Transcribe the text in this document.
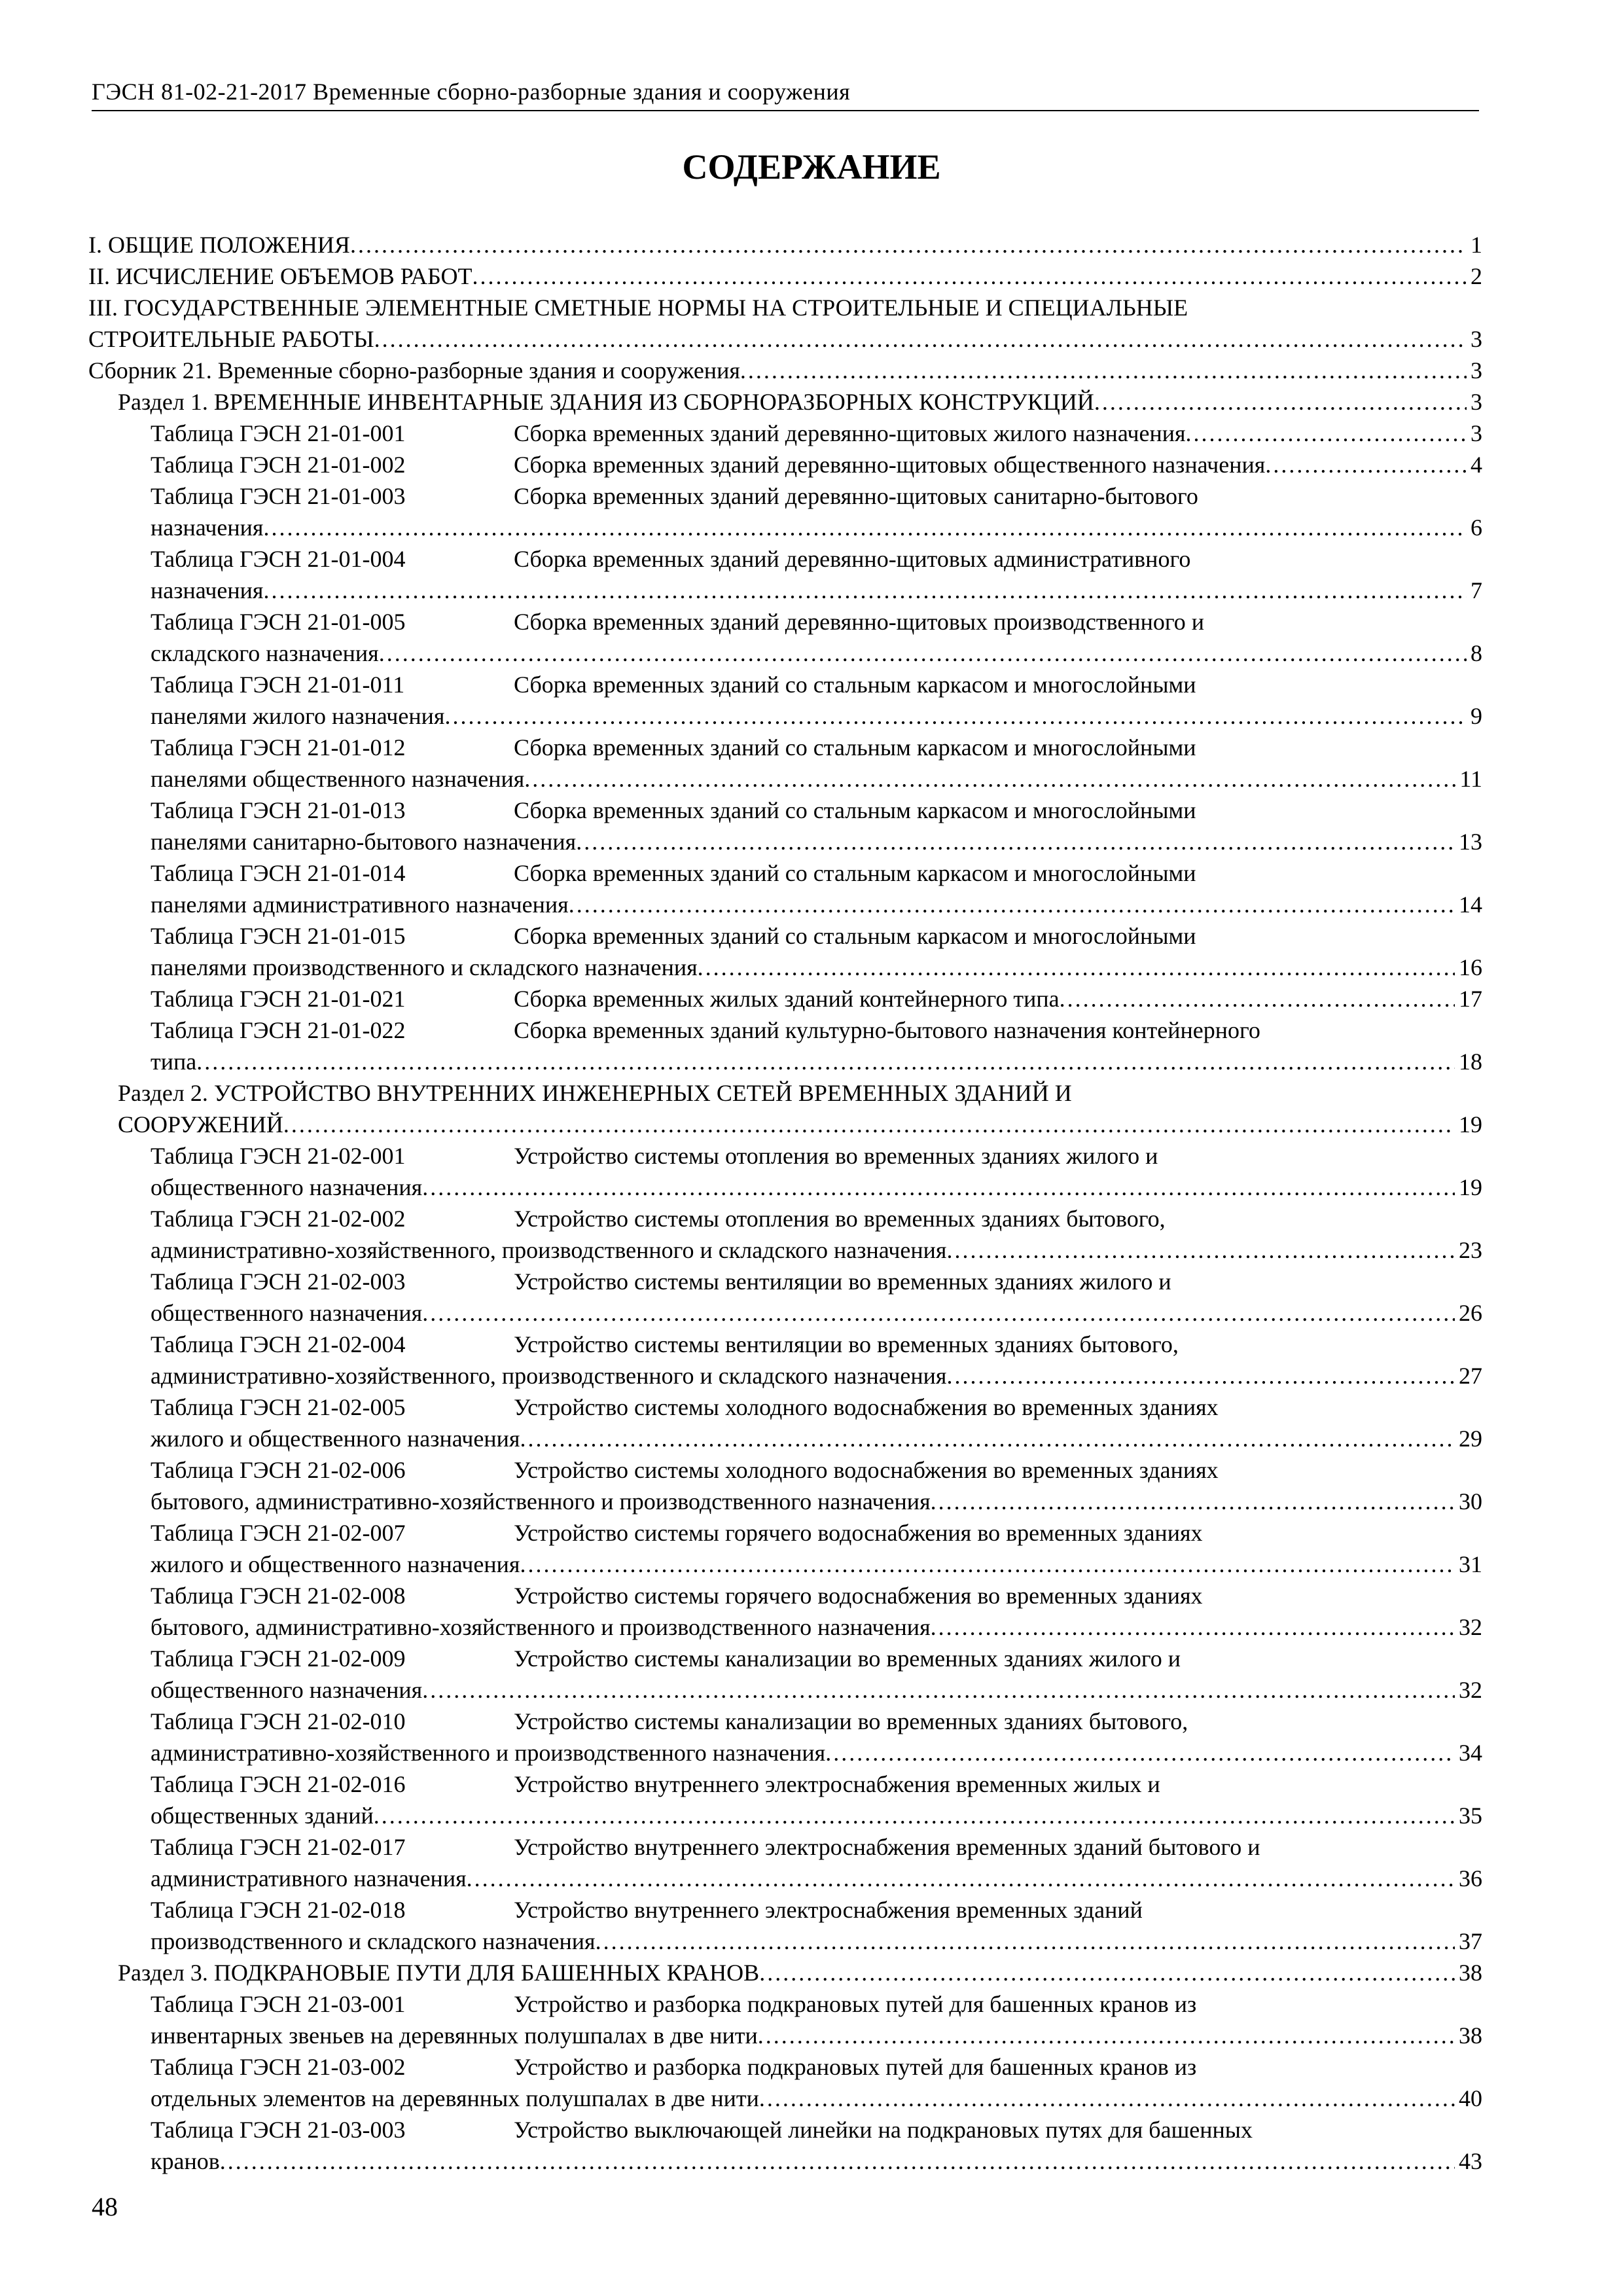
ГЭСН 81-02-21-2017 Временные сборно-разборные здания и сооружения
СОДЕРЖАНИЕ
I. ОБЩИЕ ПОЛОЖЕНИЯ . . .	1
II. ИСЧИСЛЕНИЕ ОБЪЕМОВ РАБОТ . . .	2
III. ГОСУДАРСТВЕННЫЕ ЭЛЕМЕНТНЫЕ СМЕТНЫЕ НОРМЫ НА СТРОИТЕЛЬНЫЕ И СПЕЦИАЛЬНЫЕ
СТРОИТЕЛЬНЫЕ РАБОТЫ . . .	3
Сборник 21. Временные сборно-разборные здания и сооружения . . .	3
Раздел 1. ВРЕМЕННЫЕ ИНВЕНТАРНЫЕ ЗДАНИЯ ИЗ СБОРНОРАЗБОРНЫХ КОНСТРУКЦИЙ . . .	3
Таблица ГЭСН 21-01-001	Сборка временных зданий деревянно-щитовых жилого назначения . . .	3
Таблица ГЭСН 21-01-002	Сборка временных зданий деревянно-щитовых общественного назначения . . .	4
Таблица ГЭСН 21-01-003	Сборка временных зданий деревянно-щитовых санитарно-бытового
назначения . . .	6
Таблица ГЭСН 21-01-004	Сборка временных зданий деревянно-щитовых административного
назначения . . .	7
Таблица ГЭСН 21-01-005	Сборка временных зданий деревянно-щитовых производственного и
складского назначения . . .	8
Таблица ГЭСН 21-01-011	Сборка временных зданий со стальным каркасом и многослойными
панелями жилого назначения . . .	9
Таблица ГЭСН 21-01-012	Сборка временных зданий со стальным каркасом и многослойными
панелями общественного назначения . . .	11
Таблица ГЭСН 21-01-013	Сборка временных зданий со стальным каркасом и многослойными
панелями санитарно-бытового назначения . . .	13
Таблица ГЭСН 21-01-014	Сборка временных зданий со стальным каркасом и многослойными
панелями административного назначения . . .	14
Таблица ГЭСН 21-01-015	Сборка временных зданий со стальным каркасом и многослойными
панелями производственного и складского назначения . . .	16
Таблица ГЭСН 21-01-021	Сборка временных жилых зданий контейнерного типа . . .	17
Таблица ГЭСН 21-01-022	Сборка временных зданий культурно-бытового назначения контейнерного
типа . . .	18
Раздел 2. УСТРОЙСТВО ВНУТРЕННИХ ИНЖЕНЕРНЫХ СЕТЕЙ ВРЕМЕННЫХ ЗДАНИЙ И
СООРУЖЕНИЙ . . .	19
Таблица ГЭСН 21-02-001	Устройство системы отопления во временных зданиях жилого и
общественного назначения . . .	19
Таблица ГЭСН 21-02-002	Устройство системы отопления во временных зданиях бытового,
административно-хозяйственного, производственного и складского назначения . . .	23
Таблица ГЭСН 21-02-003	Устройство системы вентиляции во временных зданиях жилого и
общественного назначения . . .	26
Таблица ГЭСН 21-02-004	Устройство системы вентиляции во временных зданиях бытового,
административно-хозяйственного, производственного и складского назначения . . .	27
Таблица ГЭСН 21-02-005	Устройство системы холодного водоснабжения во временных зданиях
жилого и общественного назначения . . .	29
Таблица ГЭСН 21-02-006	Устройство системы холодного водоснабжения во временных зданиях
бытового, административно-хозяйственного и производственного назначения . . .	30
Таблица ГЭСН 21-02-007	Устройство системы горячего водоснабжения во временных зданиях
жилого и общественного назначения . . .	31
Таблица ГЭСН 21-02-008	Устройство системы горячего водоснабжения во временных зданиях
бытового, административно-хозяйственного и производственного назначения . . .	32
Таблица ГЭСН 21-02-009	Устройство системы канализации во временных зданиях жилого и
общественного назначения . . .	32
Таблица ГЭСН 21-02-010	Устройство системы канализации во временных зданиях бытового,
административно-хозяйственного и производственного назначения . . .	34
Таблица ГЭСН 21-02-016	Устройство внутреннего электроснабжения временных жилых и
общественных зданий . . .	35
Таблица ГЭСН 21-02-017	Устройство внутреннего электроснабжения временных зданий бытового и
административного назначения . . .	36
Таблица ГЭСН 21-02-018	Устройство внутреннего электроснабжения временных зданий
производственного и складского назначения . . .	37
Раздел 3. ПОДКРАНОВЫЕ ПУТИ ДЛЯ БАШЕННЫХ КРАНОВ . . .	38
Таблица ГЭСН 21-03-001	Устройство и разборка подкрановых путей для башенных кранов из
инвентарных звеньев на деревянных полушпалах в две нити . . .	38
Таблица ГЭСН 21-03-002	Устройство и разборка подкрановых путей для башенных кранов из
отдельных элементов на деревянных полушпалах в две нити . . .	40
Таблица ГЭСН 21-03-003	Устройство выключающей линейки на подкрановых путях для башенных
кранов . . .	43
48
